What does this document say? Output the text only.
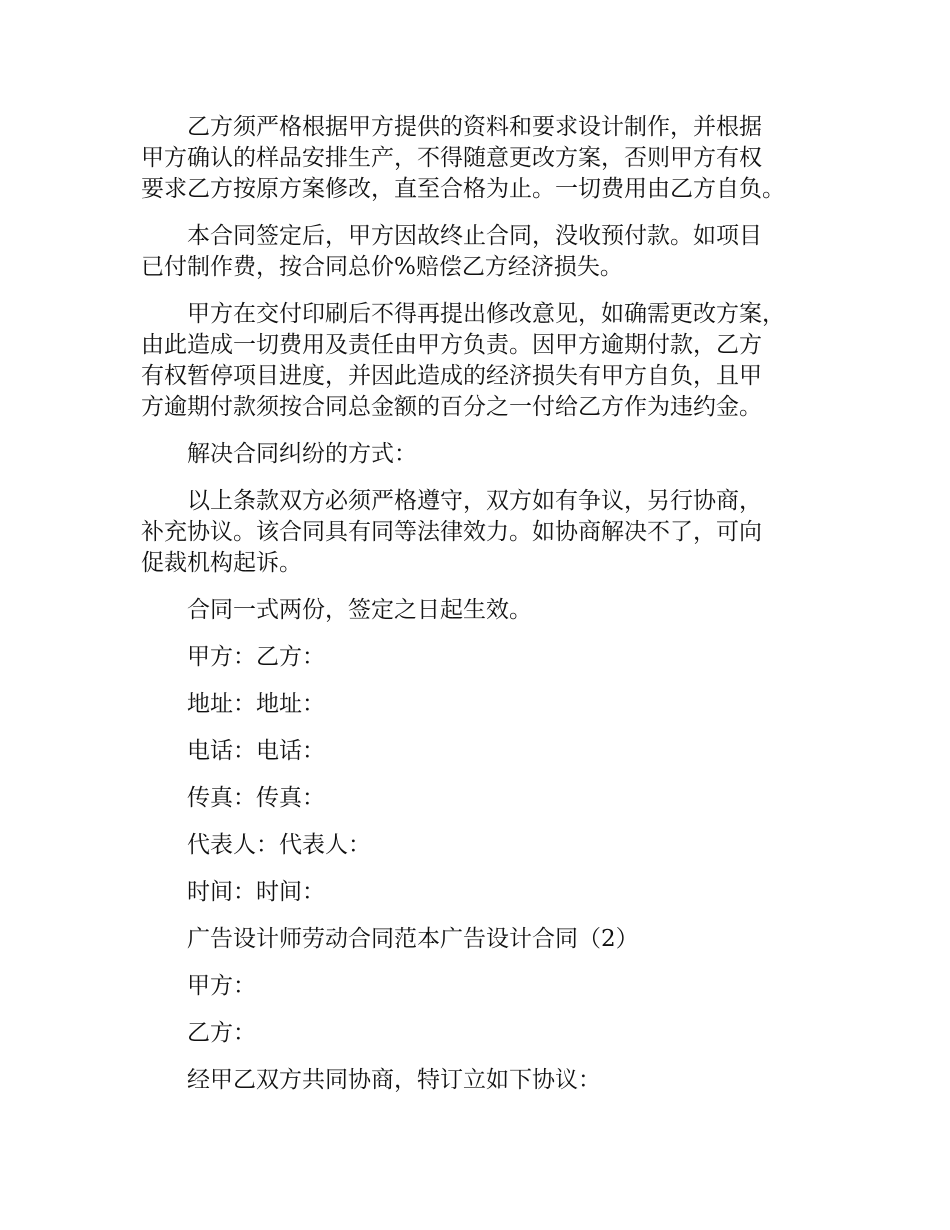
乙方须严格根据甲方提供的资料和要求设计制作，并根据
甲方确认的样品安排生产，不得随意更改方案，否则甲方有权
要求乙方按原方案修改，直至合格为止。一切费用由乙方自负。

本合同签定后，甲方因故终止合同，没收预付款。如项目
已付制作费，按合同总价%赔偿乙方经济损失。

甲方在交付印刷后不得再提出修改意见，如确需更改方案，
由此造成一切费用及责任由甲方负责。因甲方逾期付款，乙方
有权暂停项目进度，并因此造成的经济损失有甲方自负，且甲
方逾期付款须按合同总金额的百分之一付给乙方作为违约金。

解决合同纠纷的方式：

以上条款双方必须严格遵守，双方如有争议，另行协商，
补充协议。该合同具有同等法律效力。如协商解决不了，可向
促裁机构起诉。

合同一式两份，签定之日起生效。

甲方：乙方：

地址：地址：

电话：电话：

传真：传真：

代表人：代表人：

时间：时间：

广告设计师劳动合同范本广告设计合同（2）

甲方：

乙方：

经甲乙双方共同协商，特订立如下协议：
